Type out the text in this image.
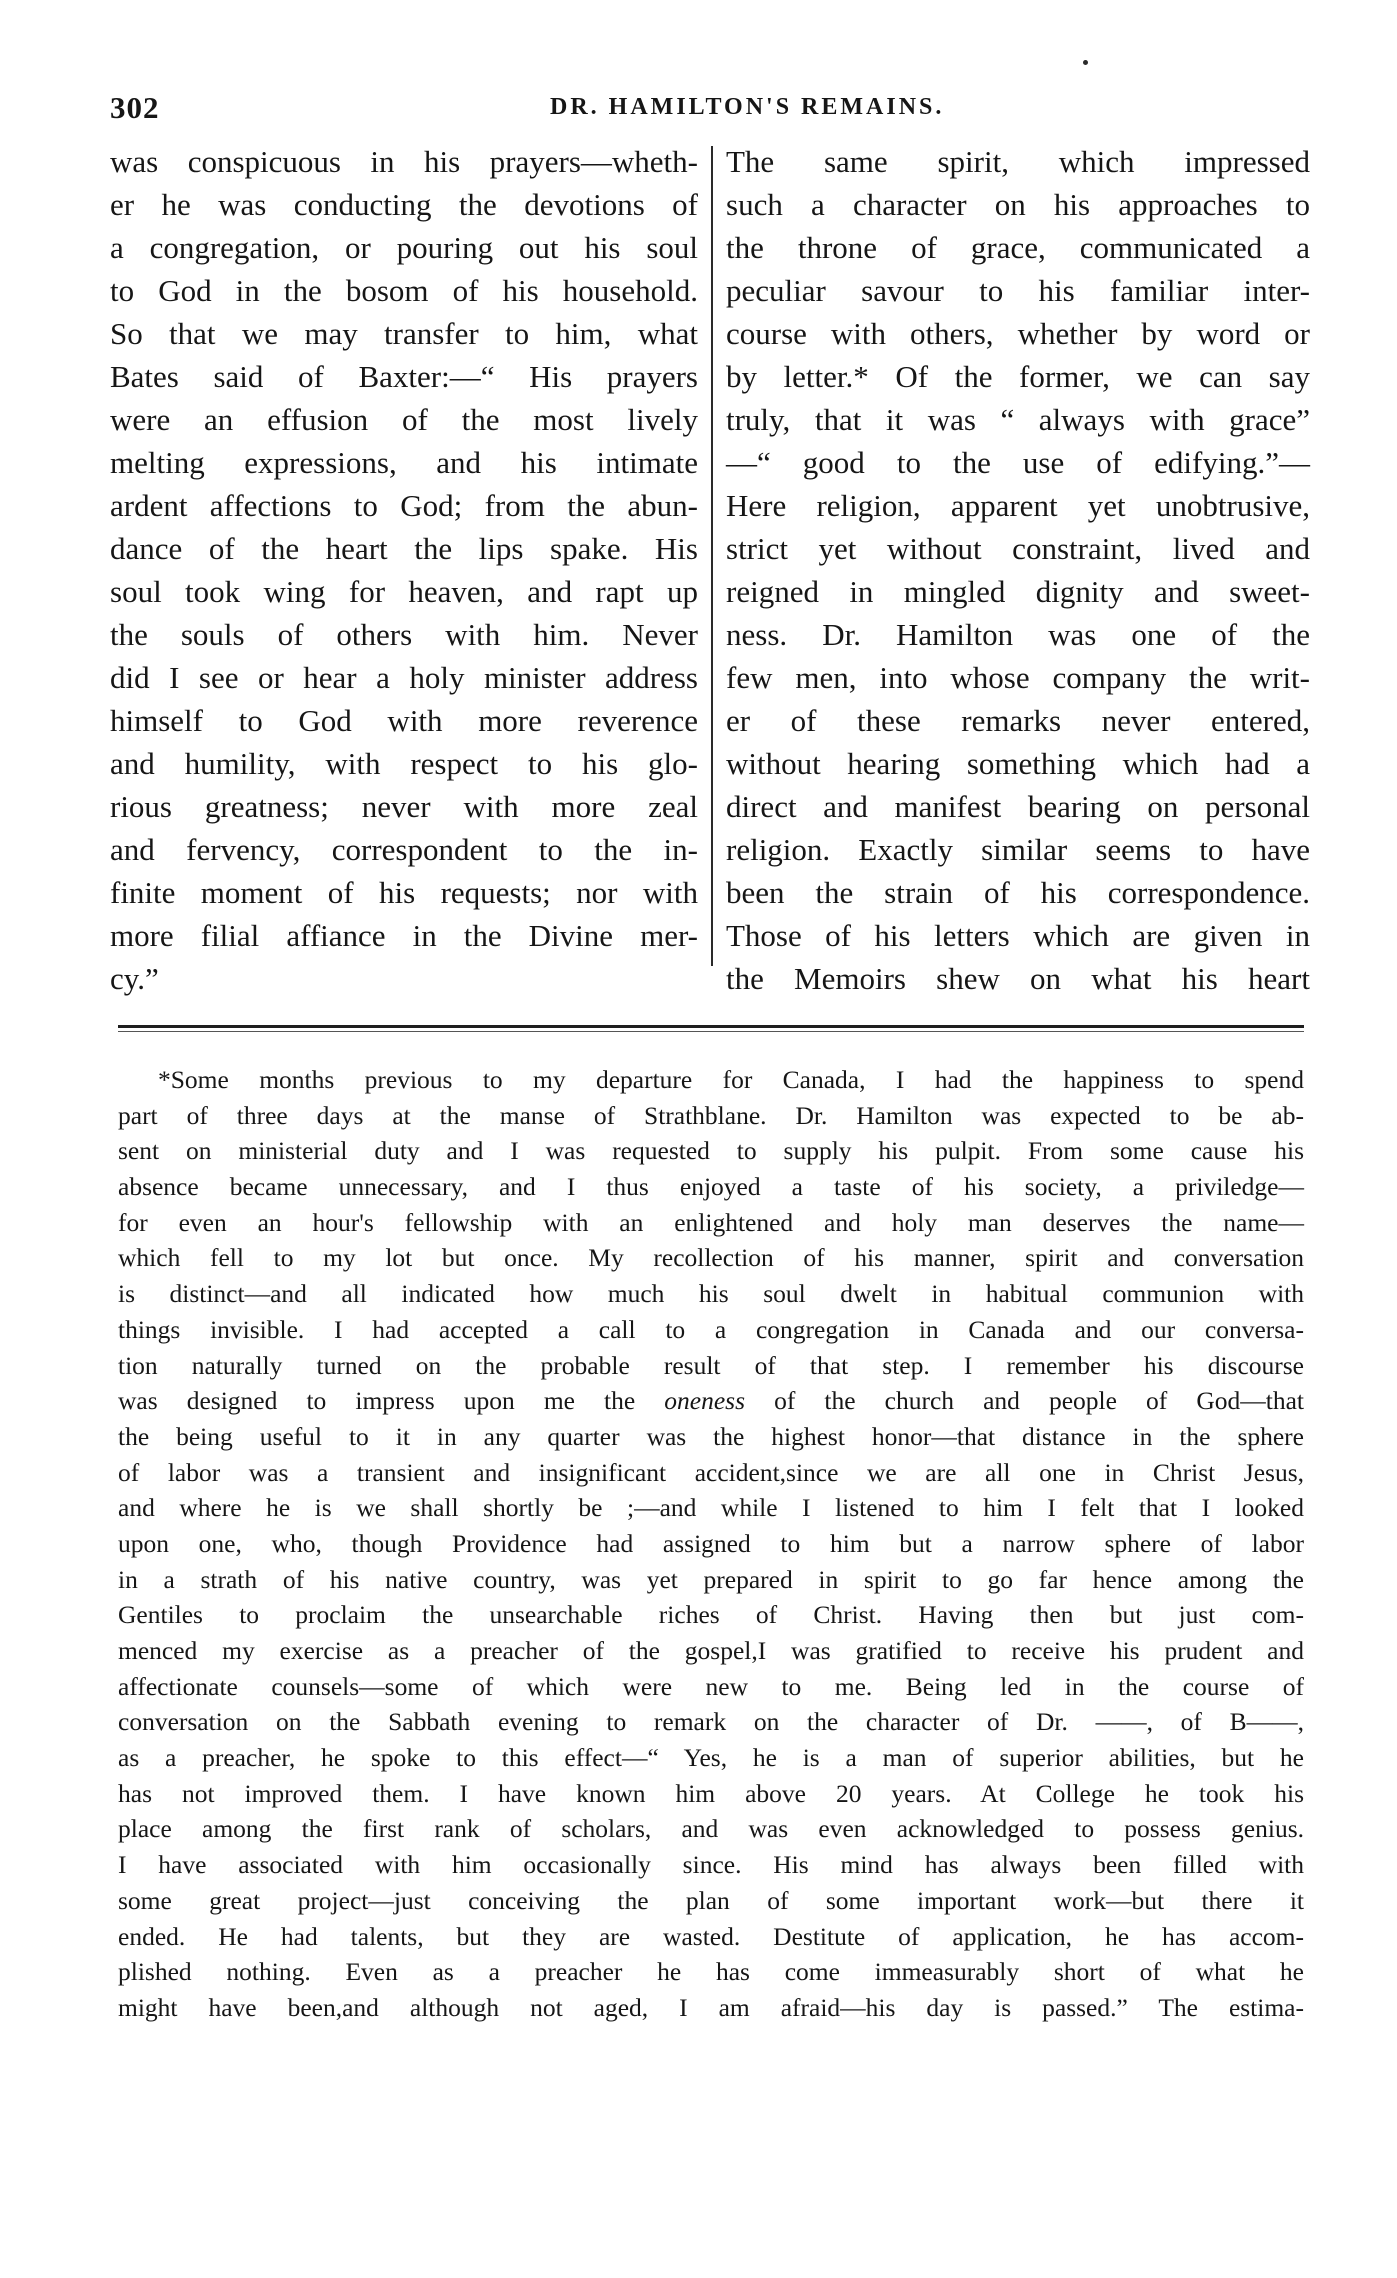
302	DR. HAMILTON'S REMAINS.
was conspicuous in his prayers—wheth-
er he was conducting the devotions of
a congregation, or pouring out his soul
to God in the bosom of his household.
So that we may transfer to him, what
Bates said of Baxter:—“ His prayers
were an effusion of the most lively
melting expressions, and his intimate
ardent affections to God; from the abun-
dance of the heart the lips spake. His
soul took wing for heaven, and rapt up
the souls of others with him. Never
did I see or hear a holy minister address
himself to God with more reverence
and humility, with respect to his glo-
rious greatness; never with more zeal
and fervency, correspondent to the in-
finite moment of his requests; nor with
more filial affiance in the Divine mer-
cy.”
The same spirit, which impressed
such a character on his approaches to
the throne of grace, communicated a
peculiar savour to his familiar inter-
course with others, whether by word or
by letter.* Of the former, we can say
truly, that it was “ always with grace”
—“ good to the use of edifying.”—
Here religion, apparent yet unobtrusive,
strict yet without constraint, lived and
reigned in mingled dignity and sweet-
ness. Dr. Hamilton was one of the
few men, into whose company the writ-
er of these remarks never entered,
without hearing something which had a
direct and manifest bearing on personal
religion. Exactly similar seems to have
been the strain of his correspondence.
Those of his letters which are given in
the Memoirs shew on what his heart
*Some months previous to my departure for Canada, I had the happiness to spend
part of three days at the manse of Strathblane. Dr. Hamilton was expected to be ab-
sent on ministerial duty and I was requested to supply his pulpit. From some cause his
absence became unnecessary, and I thus enjoyed a taste of his society, a priviledge—
for even an hour's fellowship with an enlightened and holy man deserves the name—
which fell to my lot but once. My recollection of his manner, spirit and conversation
is distinct—and all indicated how much his soul dwelt in habitual communion with
things invisible. I had accepted a call to a congregation in Canada and our conversa-
tion naturally turned on the probable result of that step. I remember his discourse
was designed to impress upon me the oneness of the church and people of God—that
the being useful to it in any quarter was the highest honor—that distance in the sphere
of labor was a transient and insignificant accident,since we are all one in Christ Jesus,
and where he is we shall shortly be ;—and while I listened to him I felt that I looked
upon one, who, though Providence had assigned to him but a narrow sphere of labor
in a strath of his native country, was yet prepared in spirit to go far hence among the
Gentiles to proclaim the unsearchable riches of Christ. Having then but just com-
menced my exercise as a preacher of the gospel,I was gratified to receive his prudent and
affectionate counsels—some of which were new to me. Being led in the course of
conversation on the Sabbath evening to remark on the character of Dr. ——, of B——,
as a preacher, he spoke to this effect—“ Yes, he is a man of superior abilities, but he
has not improved them. I have known him above 20 years. At College he took his
place among the first rank of scholars, and was even acknowledged to possess genius.
I have associated with him occasionally since. His mind has always been filled with
some great project—just conceiving the plan of some important work—but there it
ended. He had talents, but they are wasted. Destitute of application, he has accom-
plished nothing. Even as a preacher he has come immeasurably short of what he
might have been,and although not aged, I am afraid—his day is passed.” The estima-
